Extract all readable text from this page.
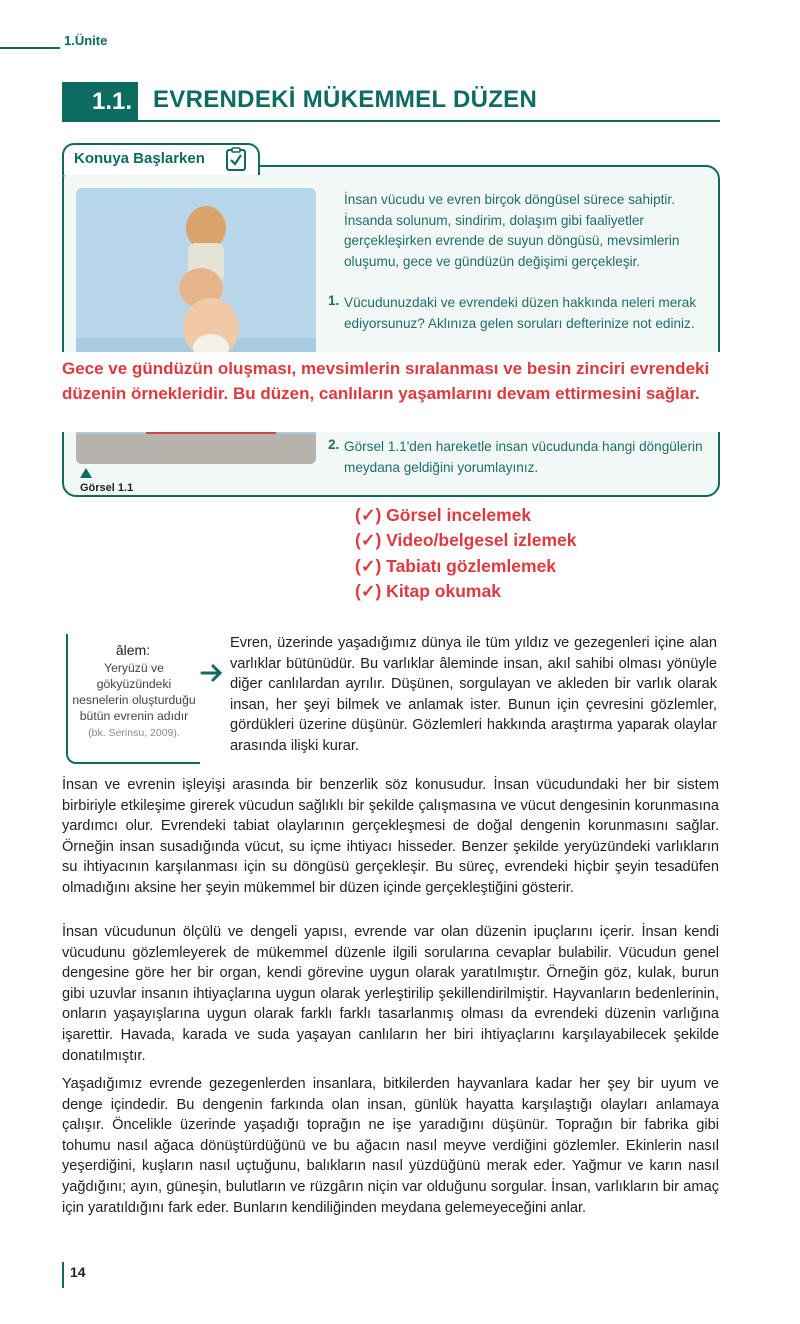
1.Ünite
1.1. EVRENDEKİ MÜKEMMEL DÜZEN
Konuya Başlarken
Görsel 1.1
İnsan vücudu ve evren birçok döngüsel sürece sahiptir. İnsanda solunum, sindirim, dolaşım gibi faaliyetler gerçekleşirken evrende de suyun döngüsü, mevsimlerin oluşumu, gece ve gündüzün değişimi gerçekleşir.
1. Vücudunuzdaki ve evrendeki düzen hakkında neleri merak ediyorsunuz? Aklınıza gelen soruları defterinize not ediniz.
Gece ve gündüzün oluşması, mevsimlerin sıralanması ve besin zinciri evrendeki düzenin örnekleridir. Bu düzen, canlıların yaşamlarını devam ettirmesini sağlar.
2. Görsel 1.1'den hareketle insan vücudunda hangi döngülerin meydana geldiğini yorumlayınız.
(✓) Görsel incelemek
(✓) Video/belgesel izlemek
(✓) Tabiatı gözlemlemek
(✓) Kitap okumak
âlem:
Yeryüzü ve gökyüzündeki nesnelerin oluşturduğu bütün evrenin adıdır (bk. Serinsu, 2009).
Evren, üzerinde yaşadığımız dünya ile tüm yıldız ve gezegenleri içine alan varlıklar bütünüdür. Bu varlıklar âleminde insan, akıl sahibi olması yönüyle diğer canlılardan ayrılır. Düşünen, sorgulayan ve akleden bir varlık olarak insan, her şeyi bilmek ve anlamak ister. Bunun için çevresini gözlemler, gördükleri üzerine düşünür. Gözlemleri hakkında araştırma yaparak olaylar arasında ilişki kurar.
İnsan ve evrenin işleyişi arasında bir benzerlik söz konusudur. İnsan vücudundaki her bir sistem birbiriyle etkileşime girerek vücudun sağlıklı bir şekilde çalışmasına ve vücut dengesinin korunmasına yardımcı olur. Evrendeki tabiat olaylarının gerçekleşmesi de doğal dengenin korunmasını sağlar. Örneğin insan susadığında vücut, su içme ihtiyacı hisseder. Benzer şekilde yeryüzündeki varlıkların su ihtiyacının karşılanması için su döngüsü gerçekleşir. Bu süreç, evrendeki hiçbir şeyin tesadüfen olmadığını aksine her şeyin mükemmel bir düzen içinde gerçekleştiğini gösterir.
İnsan vücudunun ölçülü ve dengeli yapısı, evrende var olan düzenin ipuçlarını içerir. İnsan kendi vücudunu gözlemleyerek de mükemmel düzenle ilgili sorularına cevaplar bulabilir. Vücudun genel dengesine göre her bir organ, kendi görevine uygun olarak yaratılmıştır. Örneğin göz, kulak, burun gibi uzuvlar insanın ihtiyaçlarına uygun olarak yerleştirilip şekillendirilmiştir. Hayvanların bedenlerinin, onların yaşayışlarına uygun olarak farklı farklı tasarlanmış olması da evrendeki düzenin varlığına işarettir. Havada, karada ve suda yaşayan canlıların her biri ihtiyaçlarını karşılayabilecek şekilde donatılmıştır.
Yaşadığımız evrende gezegenlerden insanlara, bitkilerden hayvanlara kadar her şey bir uyum ve denge içindedir. Bu dengenin farkında olan insan, günlük hayatta karşılaştığı olayları anlamaya çalışır. Öncelikle üzerinde yaşadığı toprağın ne işe yaradığını düşünür. Toprağın bir fabrika gibi tohumu nasıl ağaca dönüştürdüğünü ve bu ağacın nasıl meyve verdiğini gözlemler. Ekinlerin nasıl yeşerdiğini, kuşların nasıl uçtuğunu, balıkların nasıl yüzdüğünü merak eder. Yağmur ve karın nasıl yağdığını; ayın, güneşin, bulutların ve rüzgârın niçin var olduğunu sorgular. İnsan, varlıkların bir amaç için yaratıldığını fark eder. Bunların kendiliğinden meydana gelemeyeceğini anlar.
14
